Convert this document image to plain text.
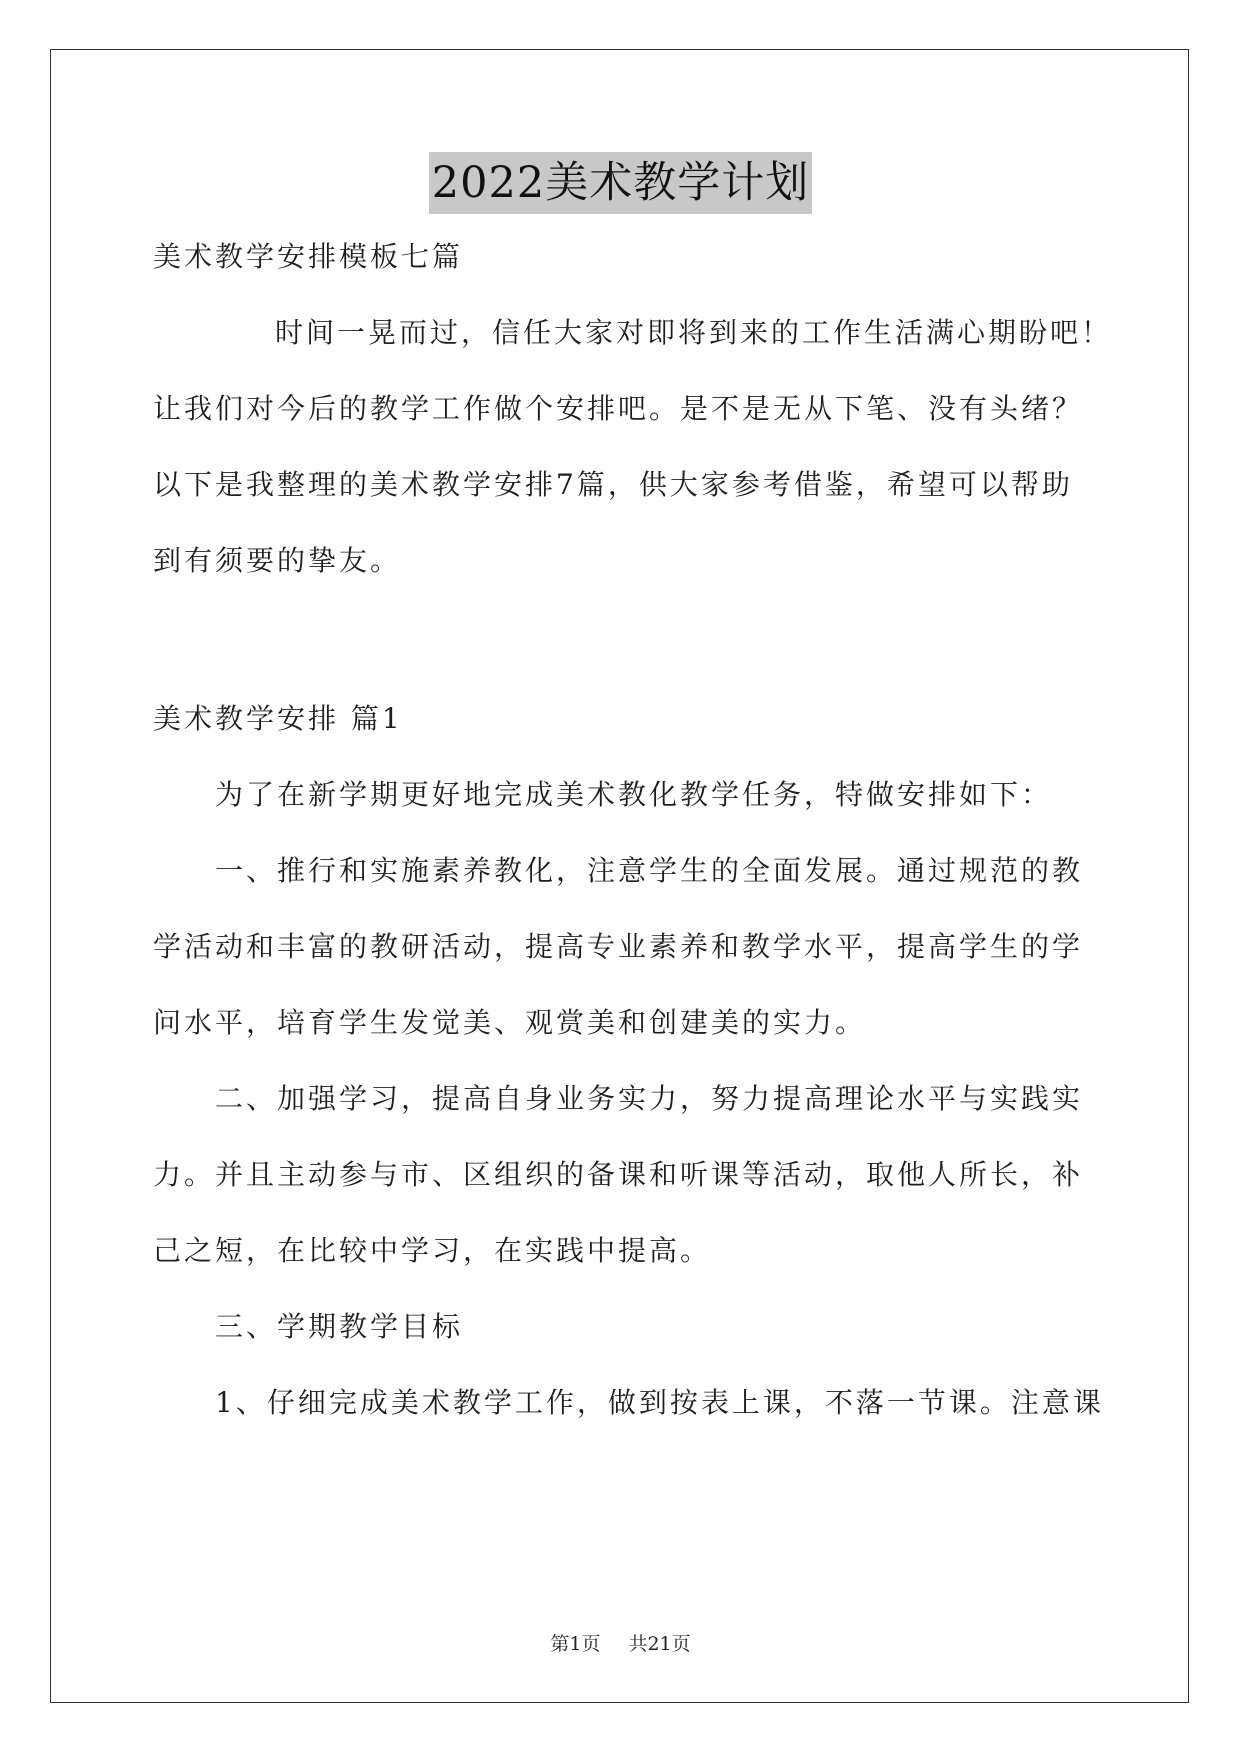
2022美术教学计划
美术教学安排模板七篇
时间一晃而过，信任大家对即将到来的工作生活满心期盼吧！
让我们对今后的教学工作做个安排吧。是不是无从下笔、没有头绪？
以下是我整理的美术教学安排7篇，供大家参考借鉴，希望可以帮助
到有须要的挚友。
美术教学安排 篇1
为了在新学期更好地完成美术教化教学任务，特做安排如下：
一、推行和实施素养教化，注意学生的全面发展。通过规范的教
学活动和丰富的教研活动，提高专业素养和教学水平，提高学生的学
问水平，培育学生发觉美、观赏美和创建美的实力。
二、加强学习，提高自身业务实力，努力提高理论水平与实践实
力。并且主动参与市、区组织的备课和听课等活动，取他人所长，补
己之短，在比较中学习，在实践中提高。
三、学期教学目标
1、仔细完成美术教学工作，做到按表上课，不落一节课。注意课
第1页 共21页
